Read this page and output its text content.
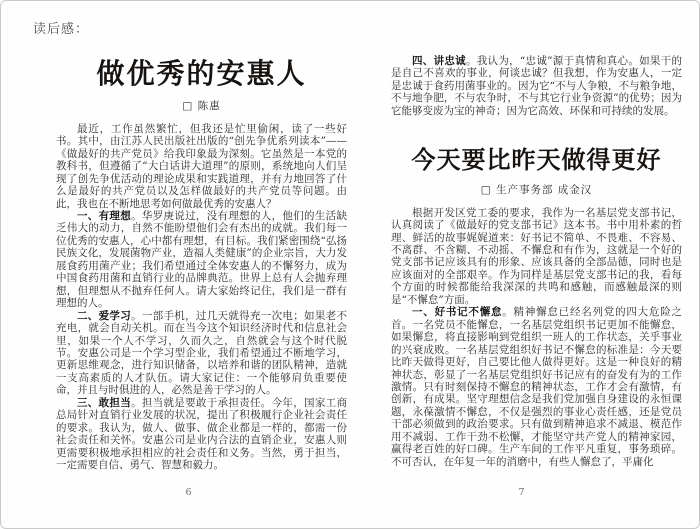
读后感：
做优秀的安惠人
□ 陈惠

最近，工作虽然繁忙，但我还是忙里偷闲，读了一些好书。其中，由江苏人民出版社出版的“创先争优系列读本”——《做最好的共产党员》给我印象最为深刻。它虽然是一本党的教科书，但遵循了“大白话讲大道理”的原则，系统地向人们呈现了创先争优活动的理论成果和实践道理，并有力地回答了什么是最好的共产党员以及怎样做最好的共产党员等问题。由此，我也在不断地思考如何做最优秀的安惠人？

一、有理想。华罗庚说过，没有理想的人，他们的生活缺乏伟大的动力，自然不能盼望他们会有杰出的成就。我们每一位优秀的安惠人，心中都有理想，有目标。我们紧密围绕“弘扬民族文化，发展菌物产业，造福人类健康”的企业宗旨，大力发展食药用菌产业；我们希望通过全体安惠人的不懈努力，成为中国食药用菌和直销行业的品牌典范。世界上总有人会抛弃理想，但理想从不抛弃任何人。请大家始终记住，我们是一群有理想的人。

二、爱学习。一部手机，过几天就得充一次电；如果老不充电，就会自动关机。而在当今这个知识经济时代和信息社会里，如果一个人不学习，久而久之，自然就会与这个时代脱节。安惠公司是一个学习型企业，我们希望通过不断地学习，更新思维观念，进行知识储备，以培养和谐的团队精神，造就一支高素质的人才队伍。请大家记住：一个能够肩负重要使命，并且与时俱进的人，必然是善于学习的人。

三、敢担当。担当就是要敢于承担责任。今年，国家工商总局针对直销行业发展的状况，提出了积极履行企业社会责任的要求。我认为，做人、做事、做企业都是一样的，都需一份社会责任和关怀。安惠公司是业内合法的直销企业，安惠人则更需要积极地承担相应的社会责任和义务。当然，勇于担当，一定需要自信、勇气、智慧和毅力。

6

四、讲忠诚。我认为，“忠诚”源于真情和真心。如果干的是自己不喜欢的事业，何谈忠诚？但我想，作为安惠人，一定是忠诚于食药用菌事业的。因为它“不与人争粮，不与粮争地，不与地争肥，不与农争时，不与其它行业争资源”的优势；因为它能够变废为宝的神奇；因为它高效、环保和可持续的发展。

今天要比昨天做得更好
□ 生产事务部 成金汉

根据开发区党工委的要求，我作为一名基层党支部书记，认真阅读了《做最好的党支部书记》这本书。书中用朴素的哲理、鲜活的故事娓娓道来：好书记不简单、不畏难、不容易、不离群、不含糊、不动摇、不懈怠和有作为，这就是一个好的党支部书记应该具有的形象、应该具备的全部品德，同时也是应该面对的全部艰辛。作为同样是基层党支部书记的我，看每个方面的时候都能给我深深的共鸣和感触，而感触最深的则是“不懈怠”方面。

一、好书记不懈怠。精神懈怠已经名列党的四大危险之首。一名党员不能懈怠，一名基层党组织书记更加不能懈怠，如果懈怠，将直接影响到党组织一班人的工作状态，关乎事业的兴衰成败。一名基层党组织好书记不懈怠的标准是：今天要比昨天做得更好，自己要比他人做得更好。这是一种良好的精神状态，彰显了一名基层党组织好书记应有的奋发有为的工作激情。只有时刻保持不懈怠的精神状态，工作才会有激情，有创新，有成果。坚守理想信念是我们党加强自身建设的永恒课题，永葆激情不懈怠，不仅是强烈的事业心责任感，还是党员干部必须做到的政治要求。只有做到精神追求不减退、模范作用不减弱、工作干劲不松懈，才能坚守共产党人的精神家园，赢得老百姓的好口碑。生产车间的工作平凡重复，事务琐碎。不可否认，在年复一年的消磨中，有些人懈怠了，平庸化

7
